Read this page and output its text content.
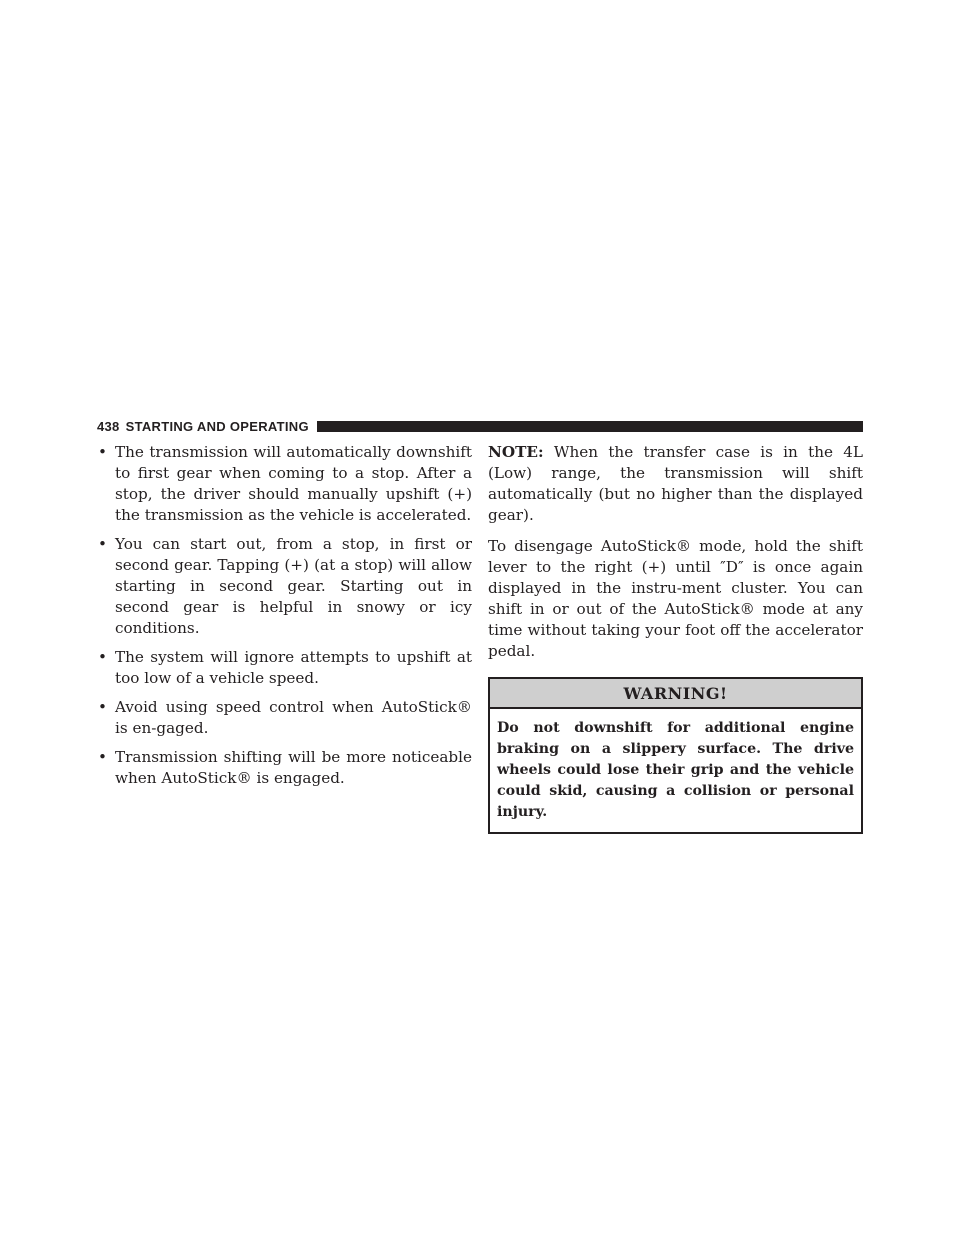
438 STARTING AND OPERATING
• The transmission will automatically downshift to first gear when coming to a stop. After a stop, the driver should manually upshift (+) the transmission as the vehicle is accelerated.
• You can start out, from a stop, in first or second gear. Tapping (+) (at a stop) will allow starting in second gear. Starting out in second gear is helpful in snowy or icy conditions.
• The system will ignore attempts to upshift at too low of a vehicle speed.
• Avoid using speed control when AutoStick® is en-gaged.
• Transmission shifting will be more noticeable when AutoStick® is engaged.

NOTE: When the transfer case is in the 4L (Low) range, the transmission will shift automatically (but no higher than the displayed gear).

To disengage AutoStick® mode, hold the shift lever to the right (+) until ″D″ is once again displayed in the instru-ment cluster. You can shift in or out of the AutoStick® mode at any time without taking your foot off the accelerator pedal.

WARNING!
Do not downshift for additional engine braking on a slippery surface. The drive wheels could lose their grip and the vehicle could skid, causing a collision or personal injury.
